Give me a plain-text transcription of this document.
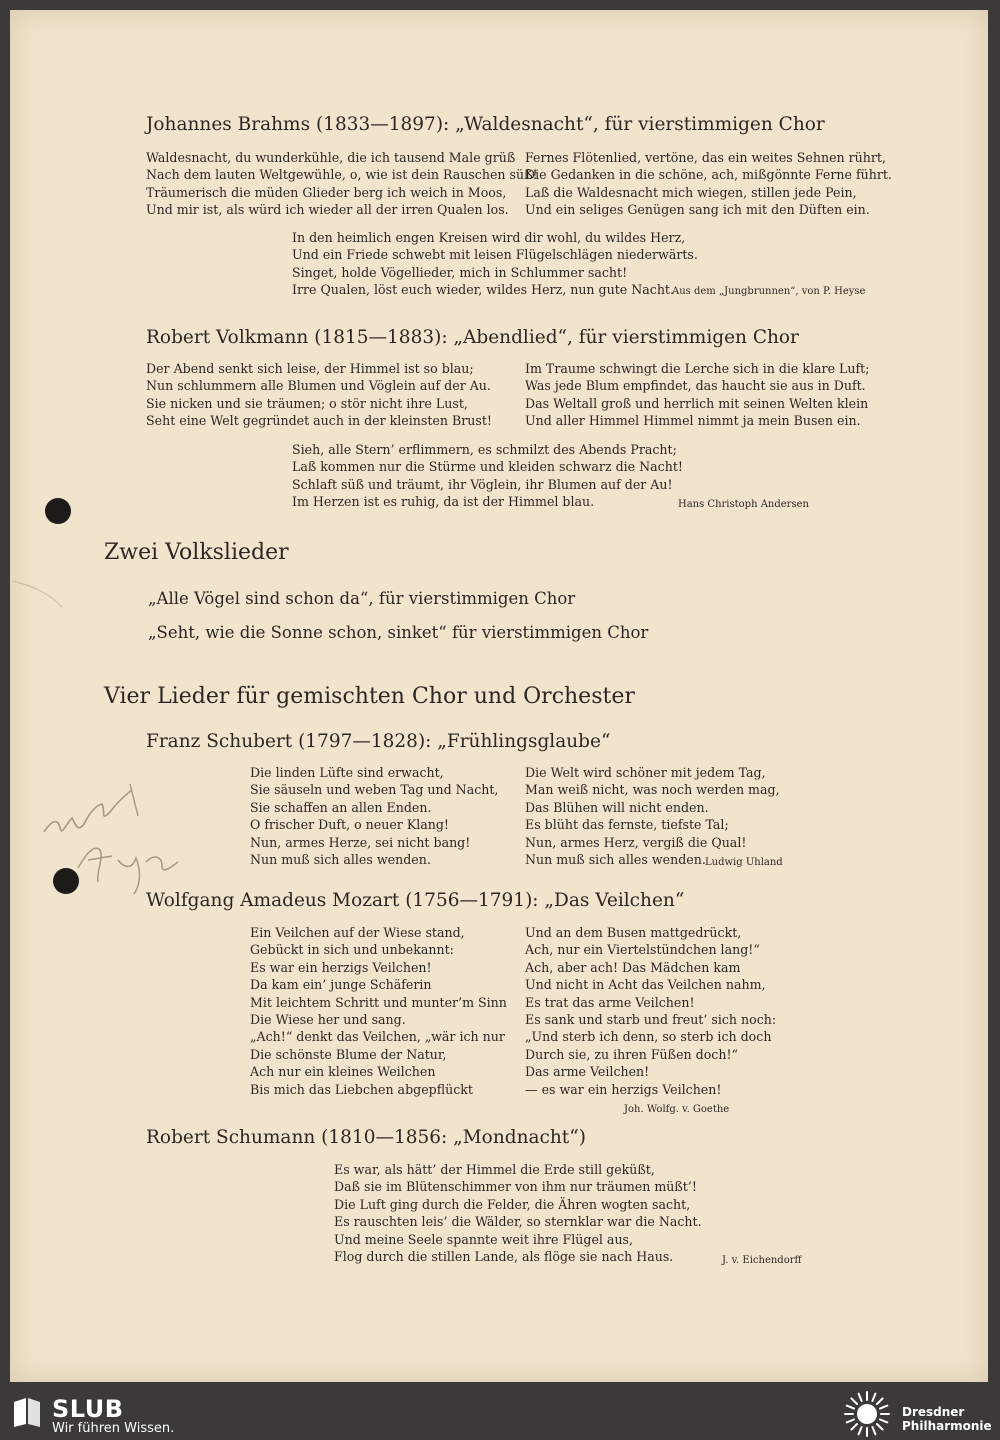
Johannes Brahms (1833—1897): „Waldesnacht“, für vierstimmigen Chor
Waldesnacht, du wunderkühle, die ich tausend Male grüß
Nach dem lauten Weltgewühle, o, wie ist dein Rauschen süß!
Träumerisch die müden Glieder berg ich weich in Moos,
Und mir ist, als würd ich wieder all der irren Qualen los.
Fernes Flötenlied, vertöne, das ein weites Sehnen rührt,
Die Gedanken in die schöne, ach, mißgönnte Ferne führt.
Laß die Waldesnacht mich wiegen, stillen jede Pein,
Und ein seliges Genügen sang ich mit den Düften ein.
In den heimlich engen Kreisen wird dir wohl, du wildes Herz,
Und ein Friede schwebt mit leisen Flügelschlägen niederwärts.
Singet, holde Vögellieder, mich in Schlummer sacht!
Irre Qualen, löst euch wieder, wildes Herz, nun gute Nacht.
Aus dem „Jungbrunnen“, von P. Heyse
Robert Volkmann (1815—1883): „Abendlied“, für vierstimmigen Chor
Der Abend senkt sich leise, der Himmel ist so blau;
Nun schlummern alle Blumen und Vöglein auf der Au.
Sie nicken und sie träumen; o stör nicht ihre Lust,
Seht eine Welt gegründet auch in der kleinsten Brust!
Im Traume schwingt die Lerche sich in die klare Luft;
Was jede Blum empfindet, das haucht sie aus in Duft.
Das Weltall groß und herrlich mit seinen Welten klein
Und aller Himmel Himmel nimmt ja mein Busen ein.
Sieh, alle Stern’ erflimmern, es schmilzt des Abends Pracht;
Laß kommen nur die Stürme und kleiden schwarz die Nacht!
Schlaft süß und träumt, ihr Vöglein, ihr Blumen auf der Au!
Im Herzen ist es ruhig, da ist der Himmel blau.	Hans Christoph Andersen
Zwei Volkslieder
„Alle Vögel sind schon da“, für vierstimmigen Chor
„Seht, wie die Sonne schon, sinket“ für vierstimmigen Chor
Vier Lieder für gemischten Chor und Orchester
Franz Schubert (1797—1828): „Frühlingsglaube“
Die linden Lüfte sind erwacht,
Sie säuseln und weben Tag und Nacht,
Sie schaffen an allen Enden.
O frischer Duft, o neuer Klang!
Nun, armes Herze, sei nicht bang!
Nun muß sich alles wenden.
Die Welt wird schöner mit jedem Tag,
Man weiß nicht, was noch werden mag,
Das Blühen will nicht enden.
Es blüht das fernste, tiefste Tal;
Nun, armes Herz, vergiß die Qual!
Nun muß sich alles wenden. Ludwig Uhland
Wolfgang Amadeus Mozart (1756—1791): „Das Veilchen“
Ein Veilchen auf der Wiese stand,
Gebückt in sich und unbekannt:
Es war ein herzigs Veilchen!
Da kam ein’ junge Schäferin
Mit leichtem Schritt und munter’m Sinn
Die Wiese her und sang.
„Ach!“ denkt das Veilchen, „wär ich nur
Die schönste Blume der Natur,
Ach nur ein kleines Weilchen
Bis mich das Liebchen abgepflückt
Und an dem Busen mattgedrückt,
Ach, nur ein Viertelstündchen lang!“
Ach, aber ach! Das Mädchen kam
Und nicht in Acht das Veilchen nahm,
Es trat das arme Veilchen!
Es sank und starb und freut’ sich noch:
„Und sterb ich denn, so sterb ich doch
Durch sie, zu ihren Füßen doch!“
Das arme Veilchen!
— es war ein herzigs Veilchen!
Joh. Wolfg. v. Goethe
Robert Schumann (1810—1856: „Mondnacht“)
Es war, als hätt’ der Himmel die Erde still geküßt,
Daß sie im Blütenschimmer von ihm nur träumen müßt’!
Die Luft ging durch die Felder, die Ähren wogten sacht,
Es rauschten leis’ die Wälder, so sternklar war die Nacht.
Und meine Seele spannte weit ihre Flügel aus,
Flog durch die stillen Lande, als flöge sie nach Haus.	J. v. Eichendorff
SLUB
Wir führen Wissen.
Dresdner
Philharmonie
